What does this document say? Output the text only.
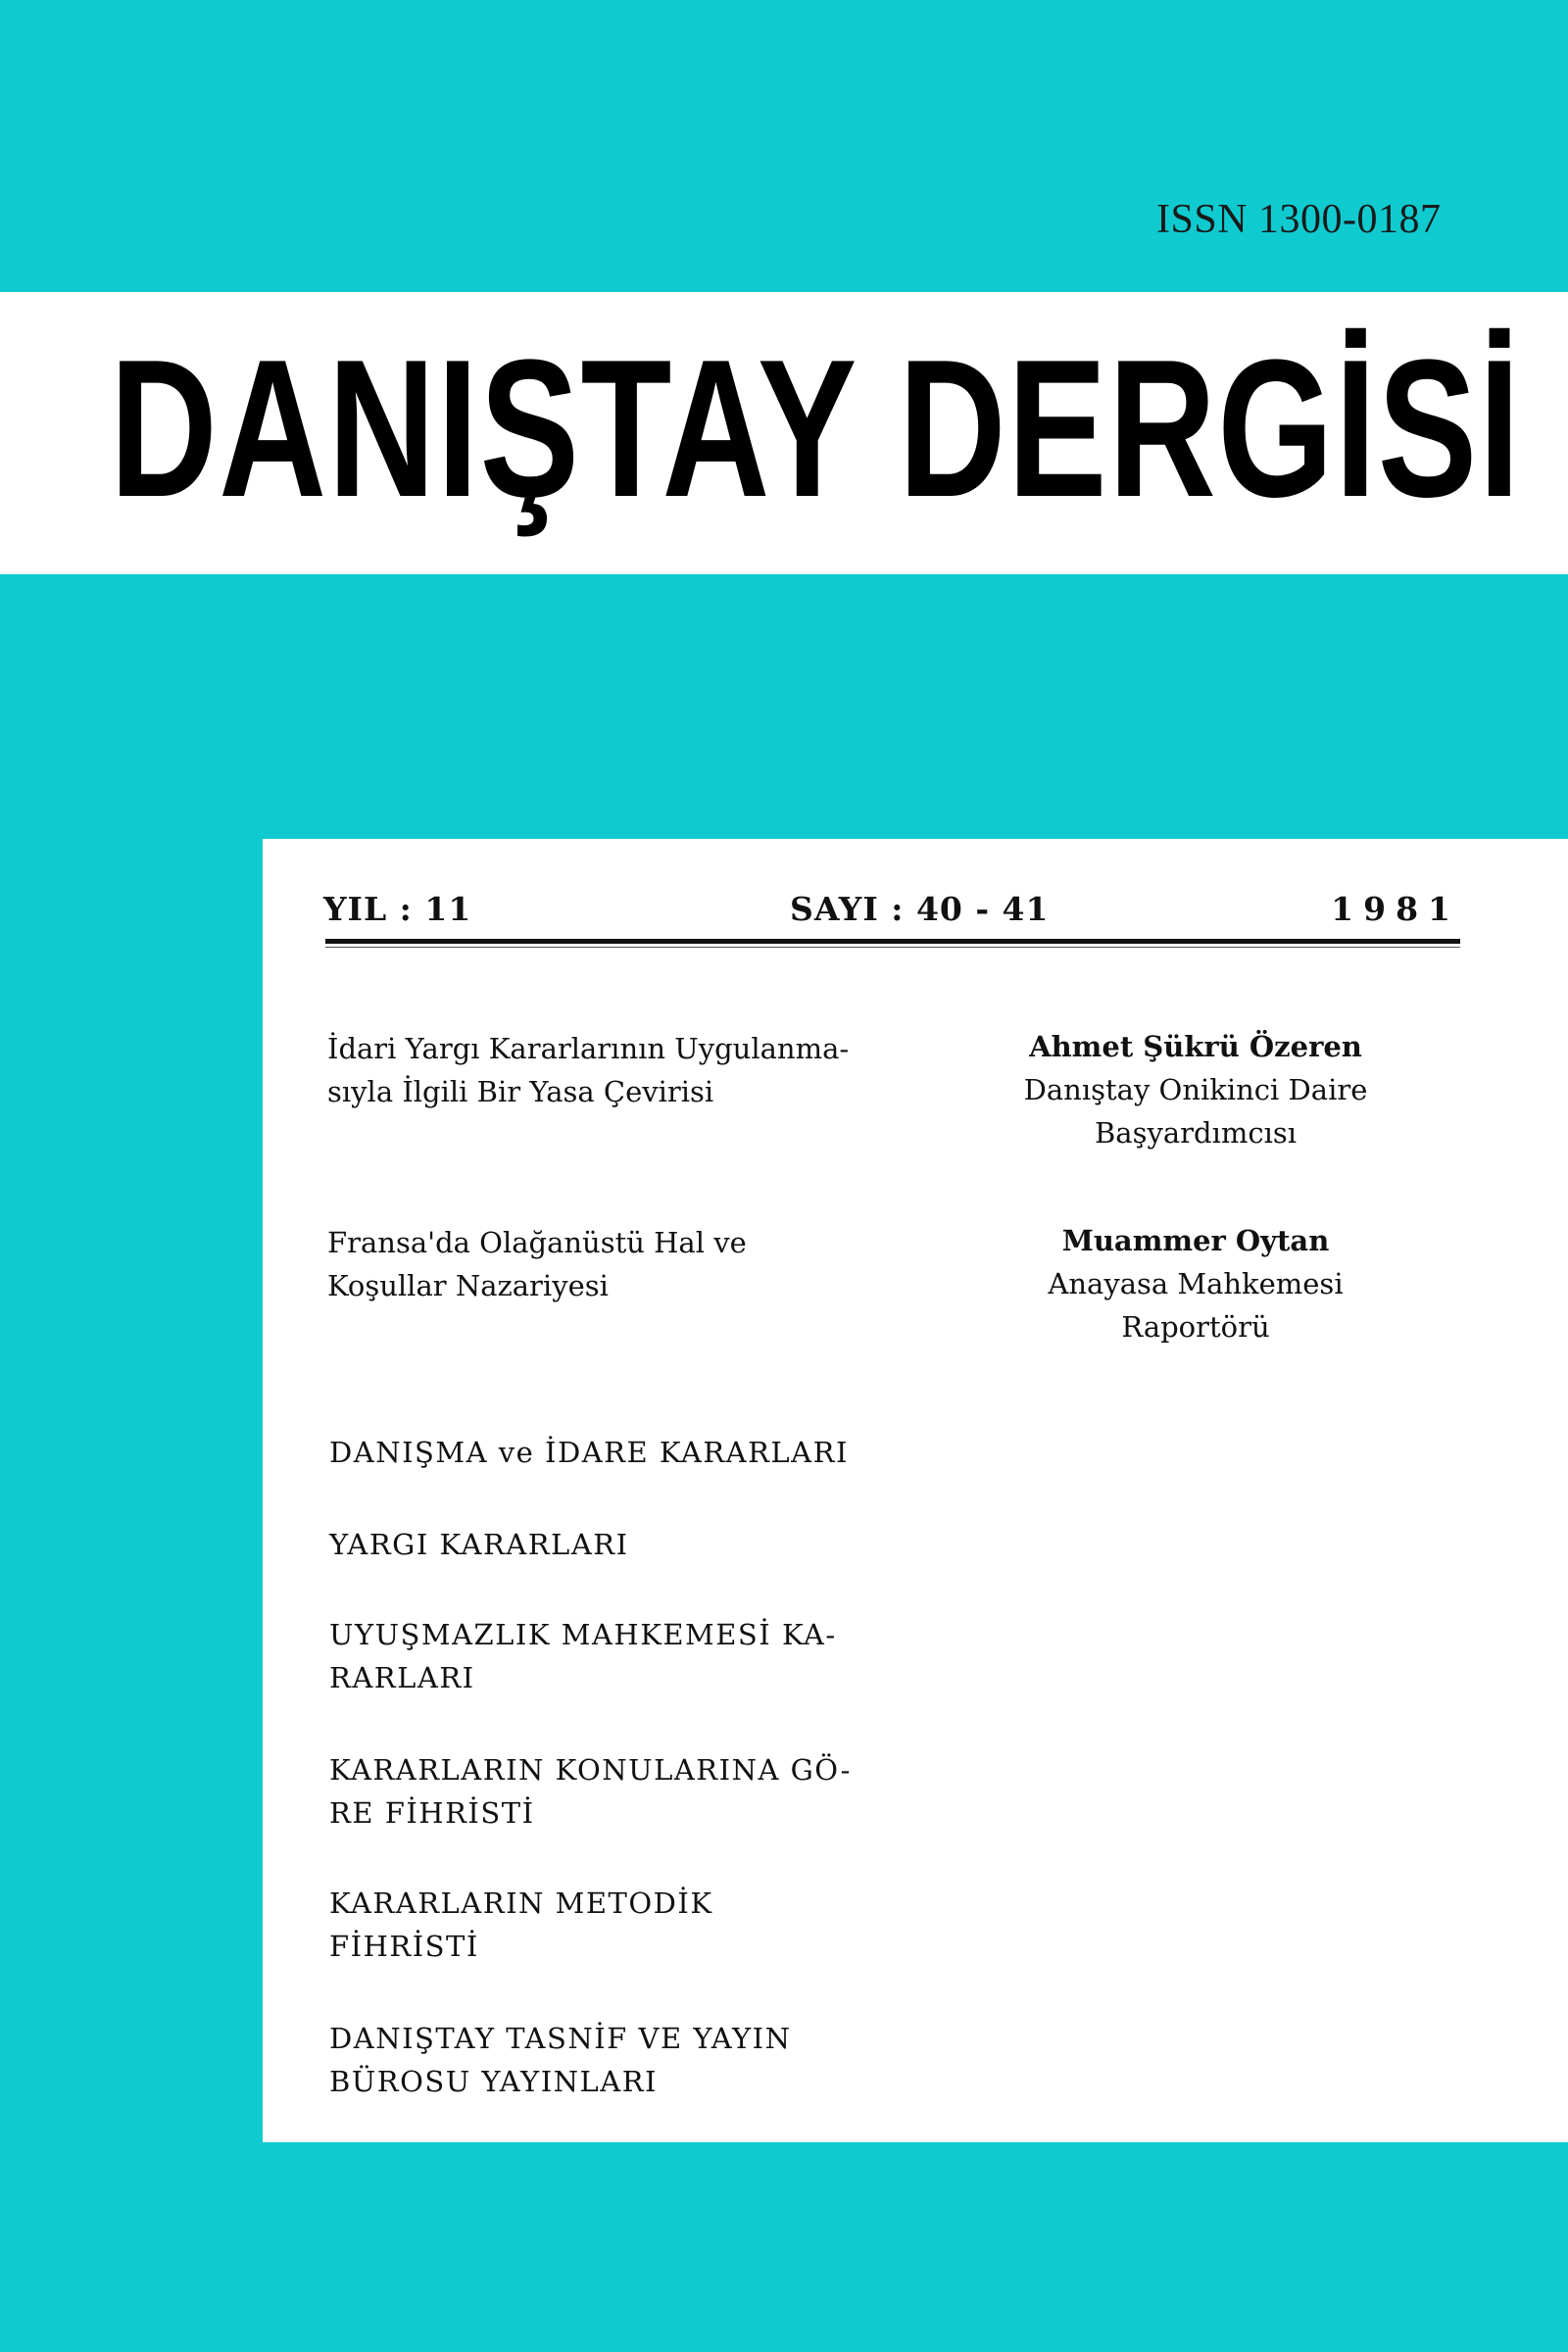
ISSN 1300-0187
DANIŞTAY DERGİSİ
YIL : 11	SAYI : 40 - 41	1981
İdari Yargı Kararlarının Uygulanma-
sıyla İlgili Bir Yasa Çevirisi
Ahmet Şükrü Özeren
Danıştay Onikinci Daire
Başyardımcısı
Fransa'da Olağanüstü Hal ve
Koşullar Nazariyesi
Muammer Oytan
Anayasa Mahkemesi
Raportörü
DANIŞMA ve İDARE KARARLARI
YARGI KARARLARI
UYUŞMAZLIK MAHKEMESİ KA-
RARLARI
KARARLARIN KONULARINA GÖ-
RE FİHRİSTİ
KARARLARIN METODİK
FİHRİSTİ
DANIŞTAY TASNİF VE YAYIN
BÜROSU YAYINLARI
